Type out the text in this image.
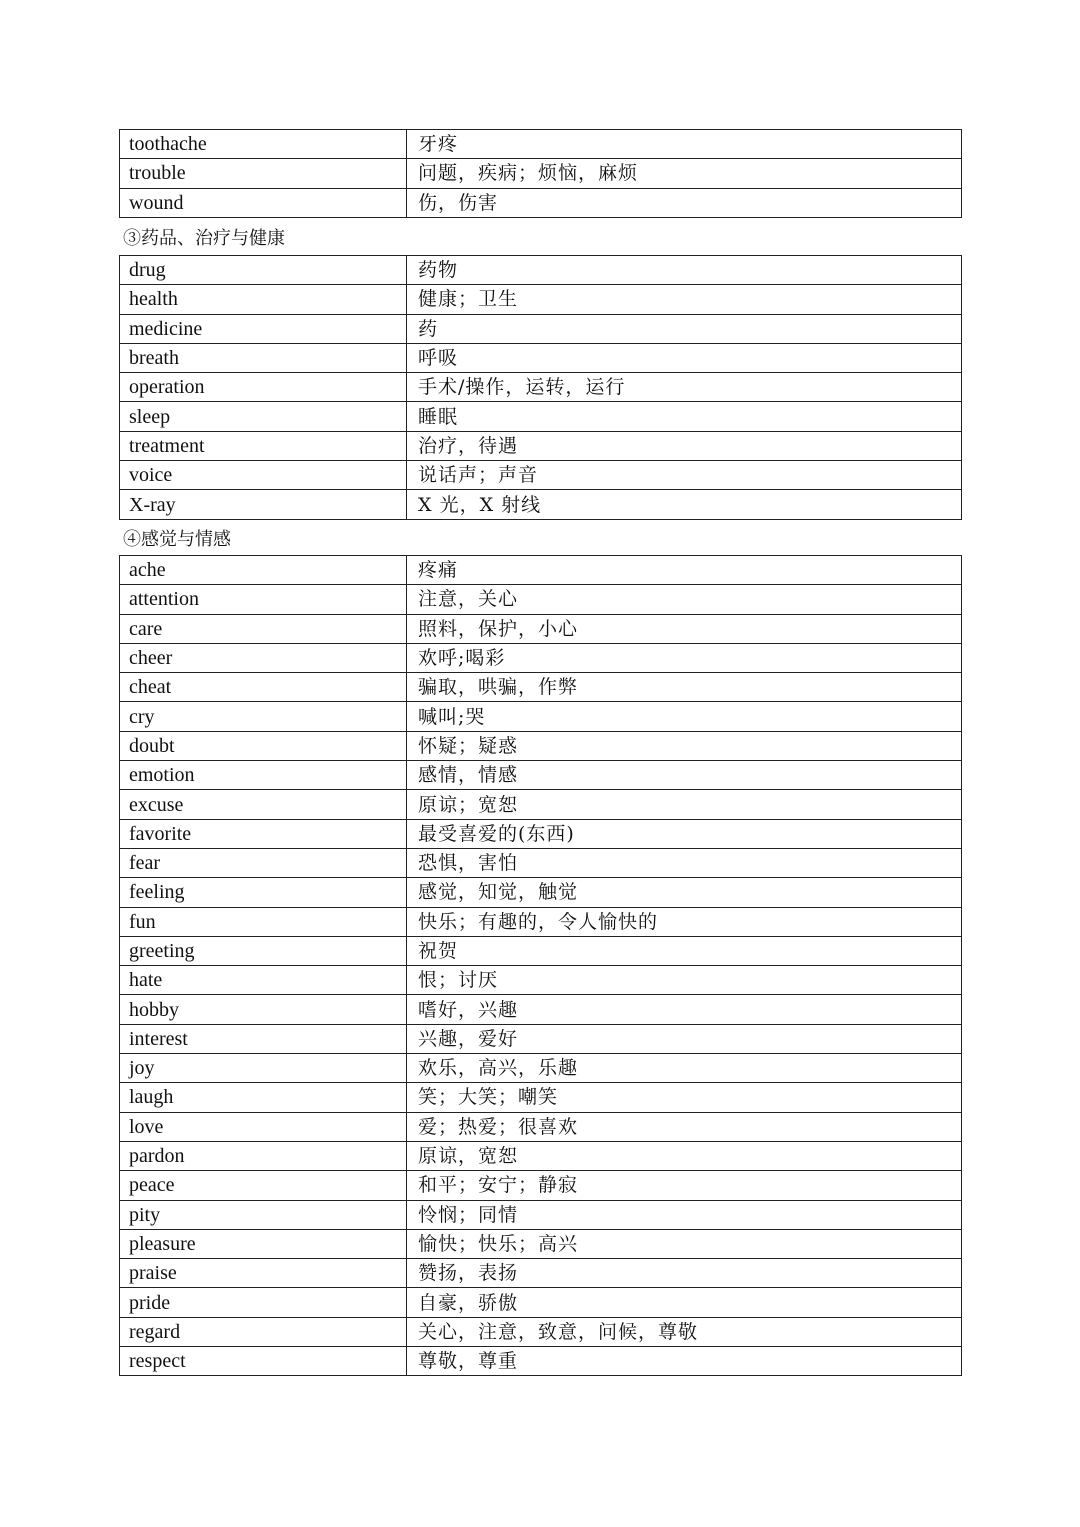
toothache	牙疼
trouble	问题，疾病；烦恼，麻烦
wound	伤，伤害
③药品、治疗与健康
drug	药物
health	健康；卫生
medicine	药
breath	呼吸
operation	手术/操作，运转，运行
sleep	睡眠
treatment	治疗，待遇
voice	说话声；声音
X-ray	X 光，X 射线
④感觉与情感
ache	疼痛
attention	注意，关心
care	照料，保护，小心
cheer	欢呼;喝彩
cheat	骗取，哄骗，作弊
cry	喊叫;哭
doubt	怀疑；疑惑
emotion	感情，情感
excuse	原谅；宽恕
favorite	最受喜爱的(东西)
fear	恐惧，害怕
feeling	感觉，知觉，触觉
fun	快乐；有趣的，令人愉快的
greeting	祝贺
hate	恨；讨厌
hobby	嗜好，兴趣
interest	兴趣，爱好
joy	欢乐，高兴，乐趣
laugh	笑；大笑；嘲笑
love	爱；热爱；很喜欢
pardon	原谅，宽恕
peace	和平；安宁；静寂
pity	怜悯；同情
pleasure	愉快；快乐；高兴
praise	赞扬，表扬
pride	自豪，骄傲
regard	关心，注意，致意，问候，尊敬
respect	尊敬，尊重
